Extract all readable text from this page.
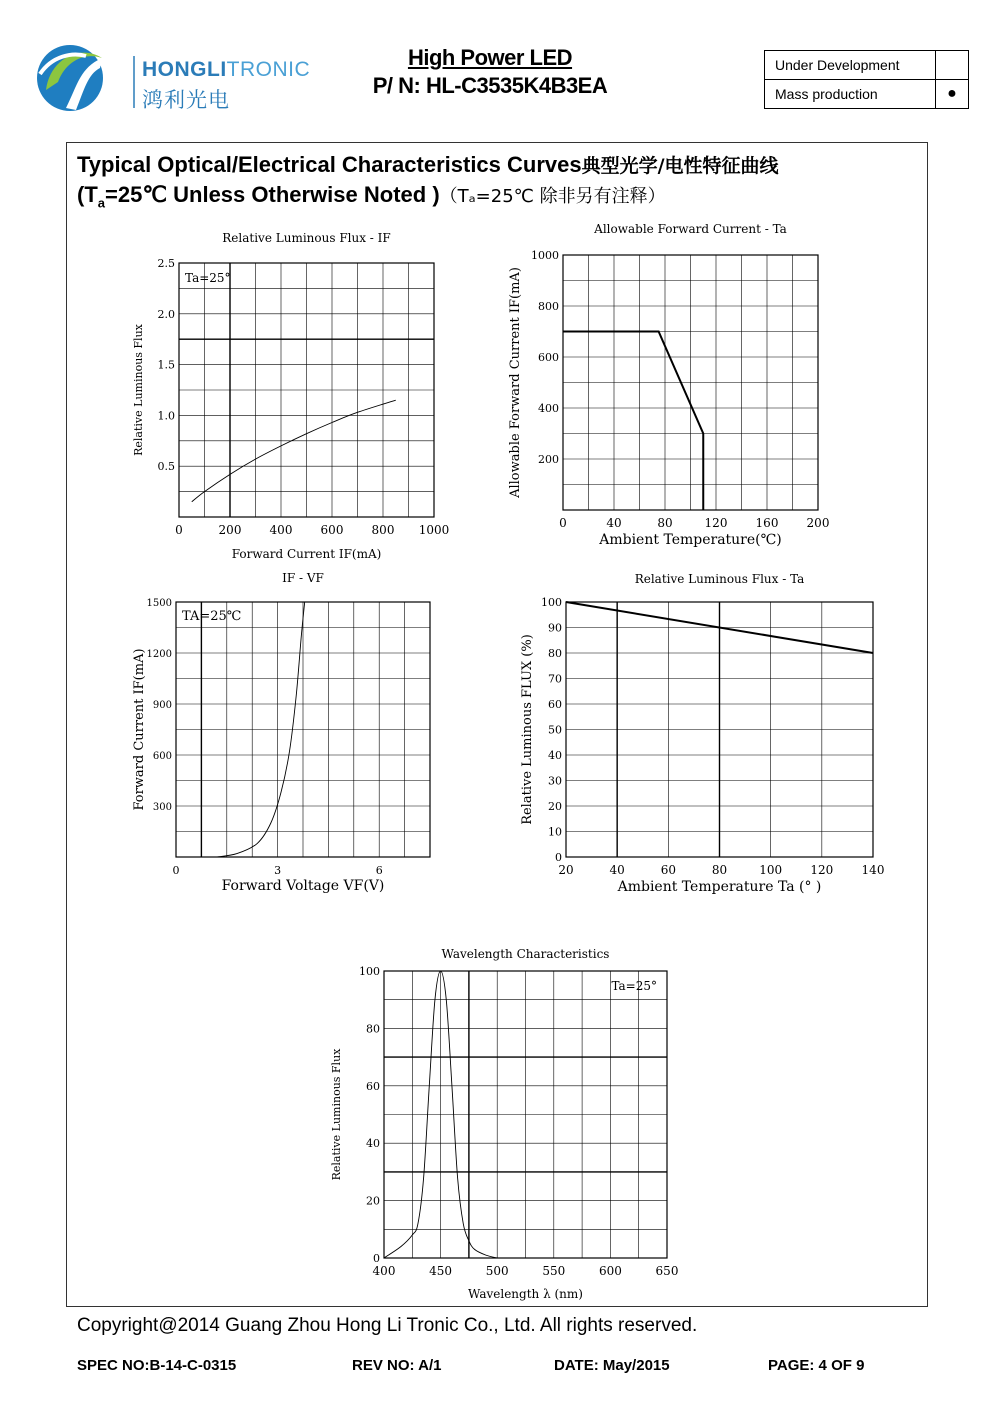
HONGLITRONIC
鸿利光电
High Power LED
P/ N: HL-C3535K4B3EA
Under Development	
Mass production	●
Typical Optical/Electrical Characteristics Curves典型光学/电性特征曲线
($T_a=25℃$ Unless Otherwise Noted )（Tₐ=25℃ 除非另有注释）
0	200 400 600 800 1000
0.5
1.0
1.5
2.0
2.5
Relative Luminous Flux - IF
Forward Current IF(mA)
Relative Luminous Flux
Ta=25°
0	40	80	120 160 200
200
400
600
800
1000
Allowable Forward Current - Ta
Ambient Temperature(℃)
Allowable Forward Current IF(mA)
0	3	6
300
600
900
1200
1500
IF - VF
Forward Voltage VF(V)
Forward Current IF(mA)
TA=25℃
20	40	60	80	100 120 140
0
10
20
30
40
50
60
70
80
90
100
Relative Luminous Flux - Ta
Ambient Temperature Ta (° )
Relative Luminous FLUX (%)
400	450	500	550	600	650
0
20
40
60
80
100
Wavelength Characteristics
Wavelength λ (nm)
Relative Luminous Flux
Ta=25°
Copyright@2014 Guang Zhou Hong Li Tronic Co., Ltd. All rights reserved.
SPEC NO:B-14-C-0315	REV NO: A/1	DATE: May/2015	PAGE: 4 OF 9
